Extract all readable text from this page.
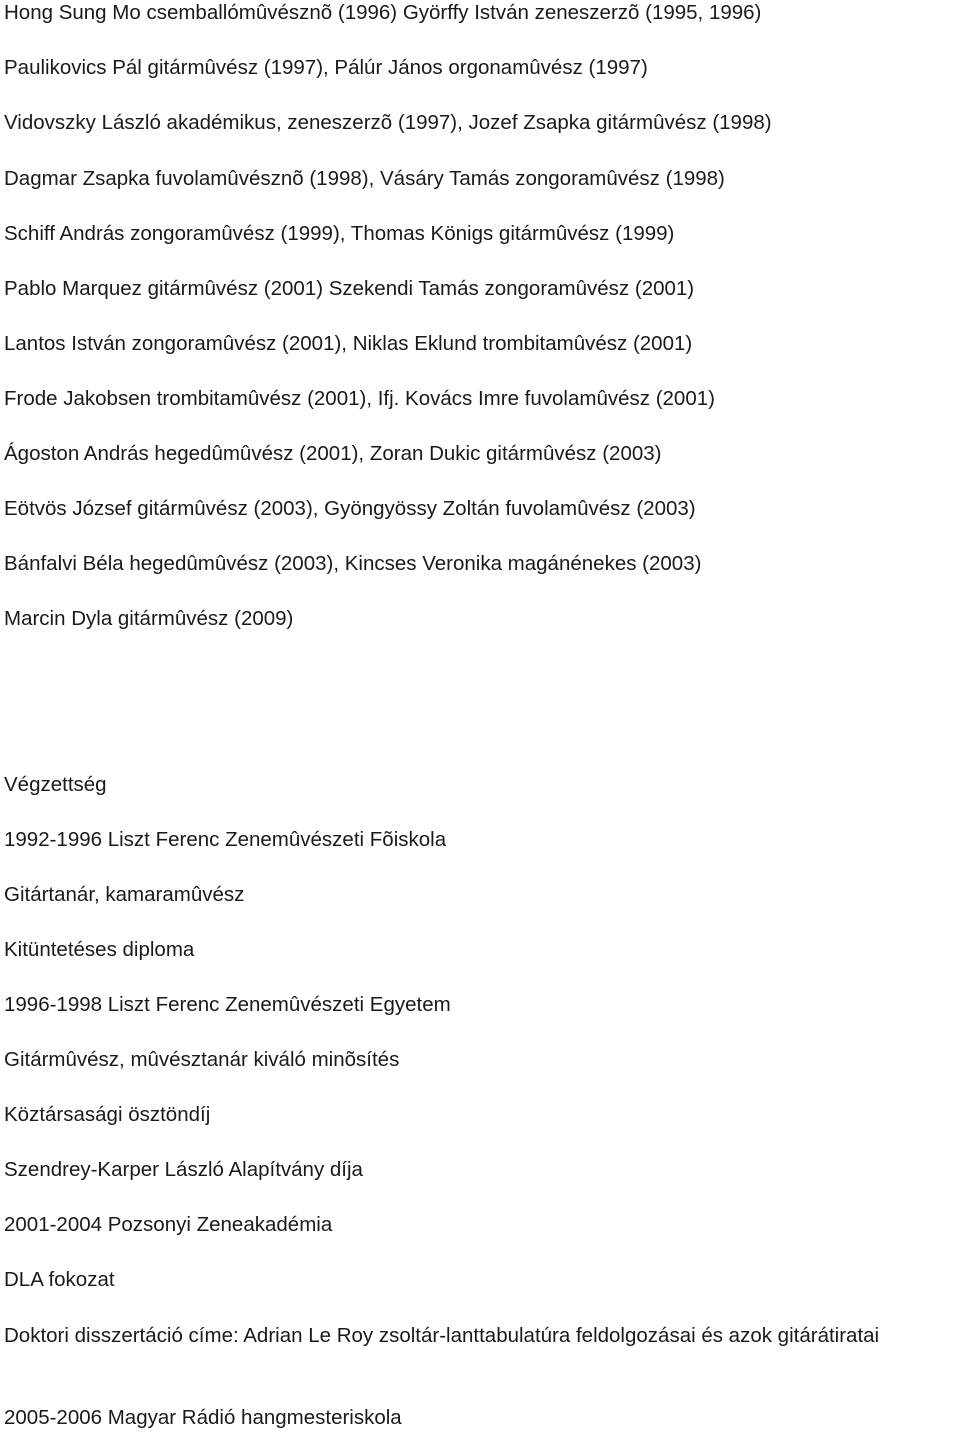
Hong Sung Mo csemballómûvésznõ (1996) Györffy István zeneszerzõ (1995, 1996)
Paulikovics Pál gitármûvész (1997), Pálúr János orgonamûvész (1997)
Vidovszky László akadémikus, zeneszerzõ (1997), Jozef Zsapka gitármûvész (1998)
Dagmar Zsapka fuvolamûvésznõ (1998), Vásáry Tamás zongoramûvész (1998)
Schiff András zongoramûvész (1999), Thomas Königs gitármûvész (1999)
Pablo Marquez gitármûvész (2001) Szekendi Tamás zongoramûvész (2001)
Lantos István zongoramûvész (2001), Niklas Eklund trombitamûvész (2001)
Frode Jakobsen trombitamûvész (2001), Ifj. Kovács Imre fuvolamûvész (2001)
Ágoston András hegedûmûvész (2001), Zoran Dukic gitármûvész (2003)
Eötvös József gitármûvész (2003), Gyöngyössy Zoltán fuvolamûvész (2003)
Bánfalvi Béla hegedûmûvész (2003), Kincses Veronika magánénekes (2003)
Marcin Dyla gitármûvész (2009)
Végzettség
1992-1996 Liszt Ferenc Zenemûvészeti Fõiskola
Gitártanár, kamaramûvész
Kitüntetéses diploma
1996-1998 Liszt Ferenc Zenemûvészeti Egyetem
Gitármûvész, mûvésztanár kiváló minõsítés
Köztársasági ösztöndíj
Szendrey-Karper László Alapítvány díja
2001-2004 Pozsonyi Zeneakadémia
DLA fokozat
Doktori disszertáció címe: Adrian Le Roy zsoltár-lanttabulatúra feldolgozásai és azok gitárátiratai
2005-2006 Magyar Rádió hangmesteriskola
